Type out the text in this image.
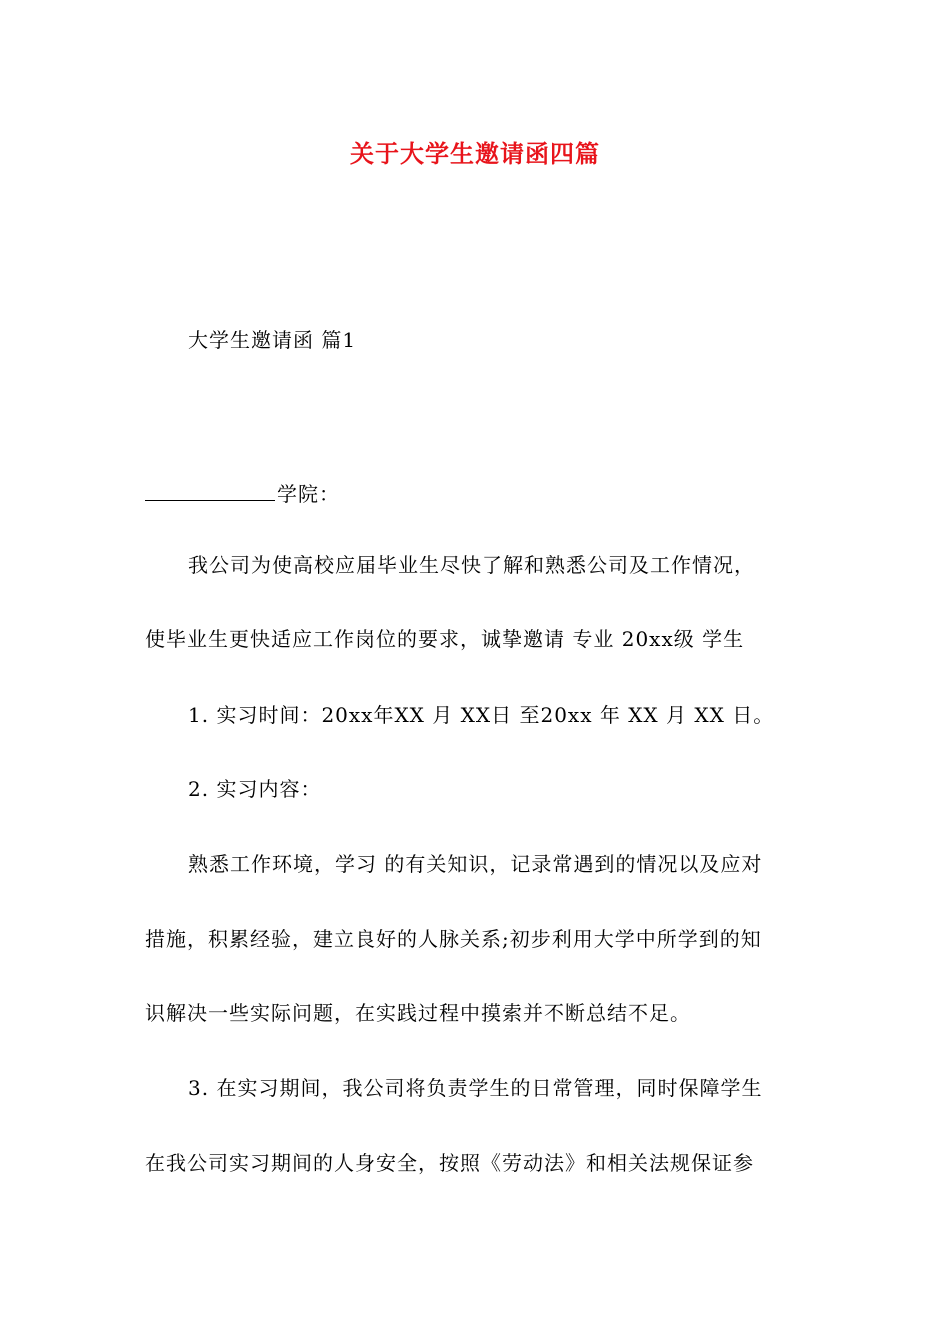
关于大学生邀请函四篇
大学生邀请函 篇1
学院：
我公司为使高校应届毕业生尽快了解和熟悉公司及工作情况，
使毕业生更快适应工作岗位的要求，诚挚邀请 专业 20xx级 学生
1. 实习时间：20xx年XX 月 XX日 至20xx 年 XX 月 XX 日。
2. 实习内容：
熟悉工作环境，学习 的有关知识，记录常遇到的情况以及应对
措施，积累经验，建立良好的人脉关系;初步利用大学中所学到的知
识解决一些实际问题，在实践过程中摸索并不断总结不足。
3. 在实习期间，我公司将负责学生的日常管理，同时保障学生
在我公司实习期间的人身安全，按照《劳动法》和相关法规保证参
